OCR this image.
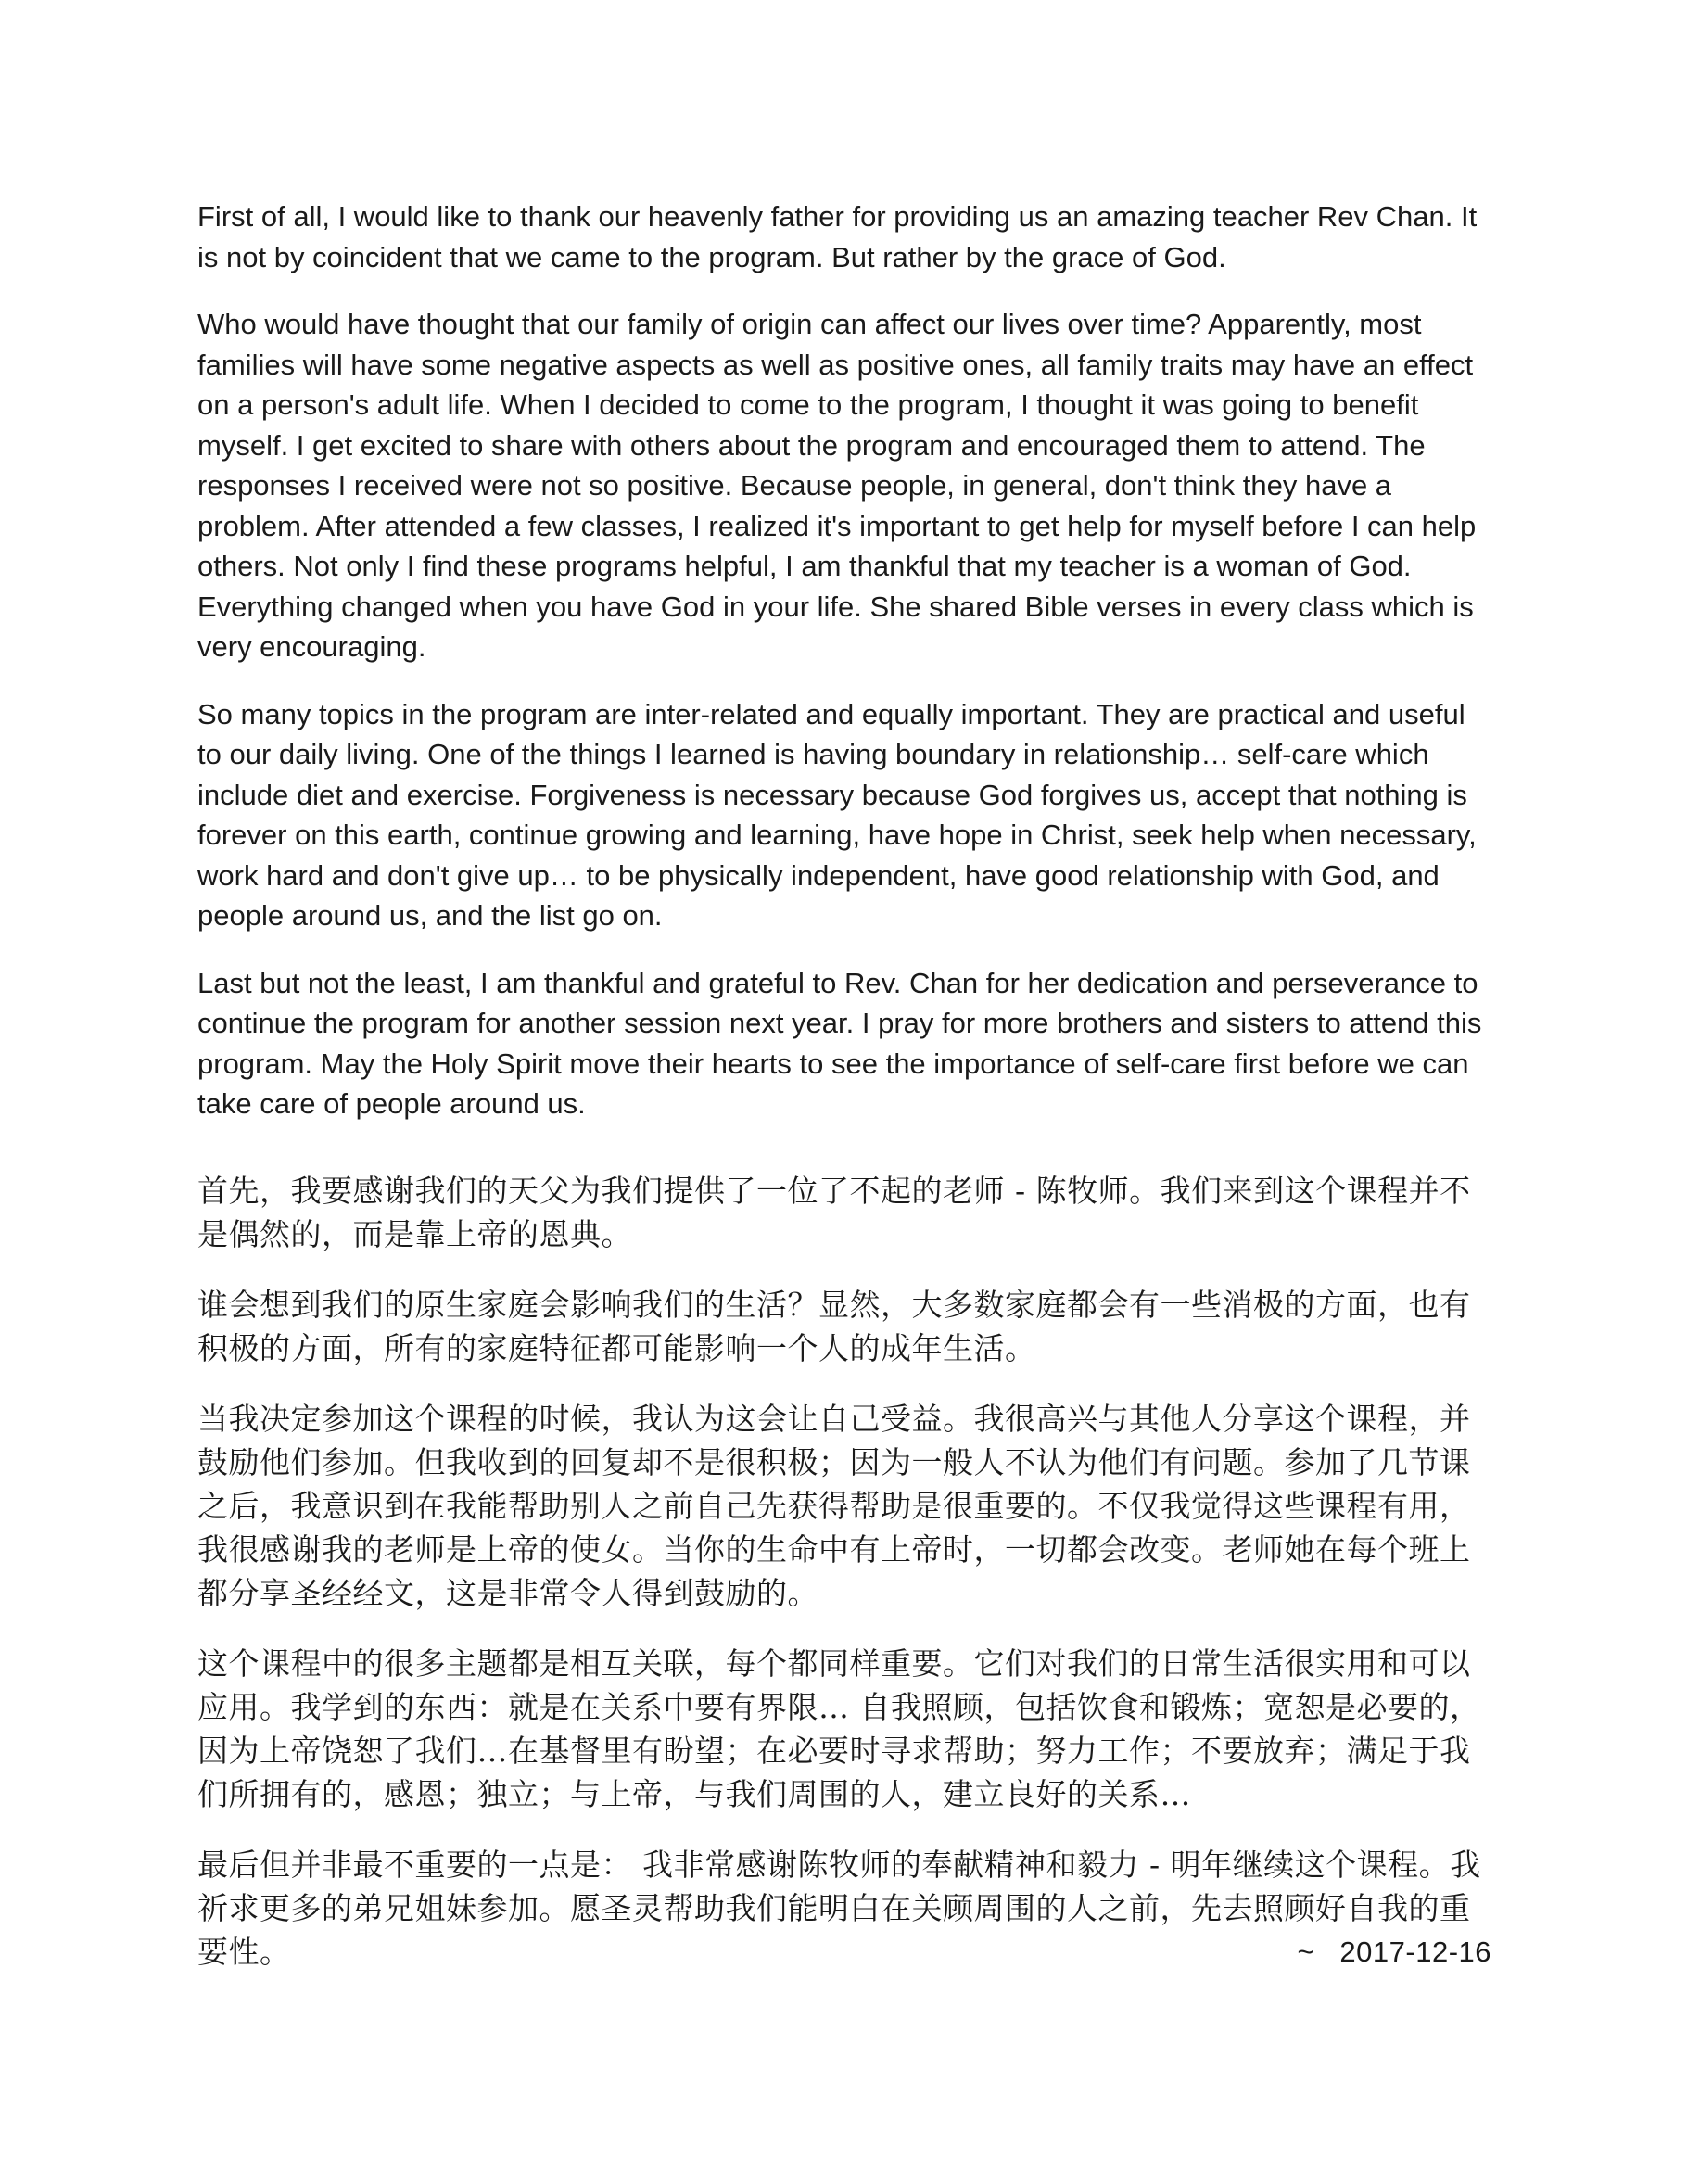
First of all, I would like to thank our heavenly father for providing us an amazing teacher Rev Chan. It is not by coincident that we came to the program. But rather by the grace of God.

Who would have thought that our family of origin can affect our lives over time? Apparently, most families will have some negative aspects as well as positive ones, all family traits may have an effect on a person's adult life. When I decided to come to the program, I thought it was going to benefit myself. I get excited to share with others about the program and encouraged them to attend. The responses I received were not so positive. Because people, in general, don't think they have a problem. After attended a few classes, I realized it's important to get help for myself before I can help others. Not only I find these programs helpful, I am thankful that my teacher is a woman of God. Everything changed when you have God in your life. She shared Bible verses in every class which is very encouraging.

So many topics in the program are inter-related and equally important. They are practical and useful to our daily living. One of the things I learned is having boundary in relationship… self-care which include diet and exercise. Forgiveness is necessary because God forgives us, accept that nothing is forever on this earth, continue growing and learning, have hope in Christ, seek help when necessary, work hard and don't give up… to be physically independent, have good relationship with God, and people around us, and the list go on.

Last but not the least, I am thankful and grateful to Rev. Chan for her dedication and perseverance to continue the program for another session next year. I pray for more brothers and sisters to attend this program. May the Holy Spirit move their hearts to see the importance of self-care first before we can take care of people around us.

首先，我要感谢我们的天父为我们提供了一位了不起的老师 - 陈牧师。我们来到这个课程并不是偶然的，而是靠上帝的恩典。

谁会想到我们的原生家庭会影响我们的生活？显然，大多数家庭都会有一些消极的方面，也有积极的方面，所有的家庭特征都可能影响一个人的成年生活。

当我决定参加这个课程的时候，我认为这会让自己受益。我很高兴与其他人分享这个课程，并鼓励他们参加。但我收到的回复却不是很积极；因为一般人不认为他们有问题。参加了几节课之后，我意识到在我能帮助别人之前自己先获得帮助是很重要的。不仅我觉得这些课程有用，我很感谢我的老师是上帝的使女。当你的生命中有上帝时，一切都会改变。老师她在每个班上都分享圣经经文，这是非常令人得到鼓励的。

这个课程中的很多主题都是相互关联，每个都同样重要。它们对我们的日常生活很实用和可以应用。我学到的东西：就是在关系中要有界限… 自我照顾，包括饮食和锻炼；宽恕是必要的，因为上帝饶恕了我们…在基督里有盼望；在必要时寻求帮助；努力工作；不要放弃；满足于我们所拥有的，感恩；独立；与上帝，与我们周围的人，建立良好的关系…

最后但并非最不重要的一点是： 我非常感谢陈牧师的奉献精神和毅力 - 明年继续这个课程。我祈求更多的弟兄姐妹参加。愿圣灵帮助我们能明白在关顾周围的人之前，先去照顾好自我的重要性。	~   2017-12-16
